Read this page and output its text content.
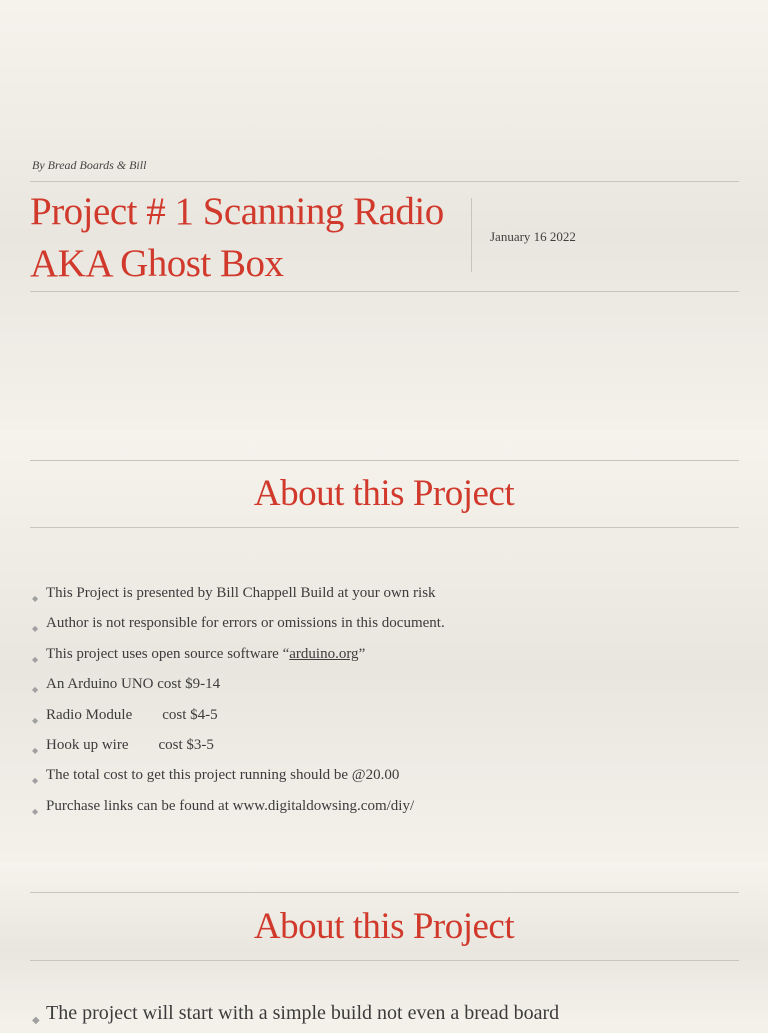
By Bread Boards & Bill
Project # 1 Scanning Radio AKA Ghost Box
January 16 2022
About this Project
◆ This Project is presented by Bill Chappell Build at your own risk
◆ Author is not responsible for errors or omissions in this document.
◆ This project uses open source software “arduino.org”
◆ An Arduino UNO cost $9-14
◆ Radio Module        cost $4-5
◆ Hook up wire        cost $3-5
◆ The total cost to get this project running should be @20.00
◆ Purchase links can be found at www.digitaldowsing.com/diy/
About this Project
◆ The project will start with a simple build not even a bread board
